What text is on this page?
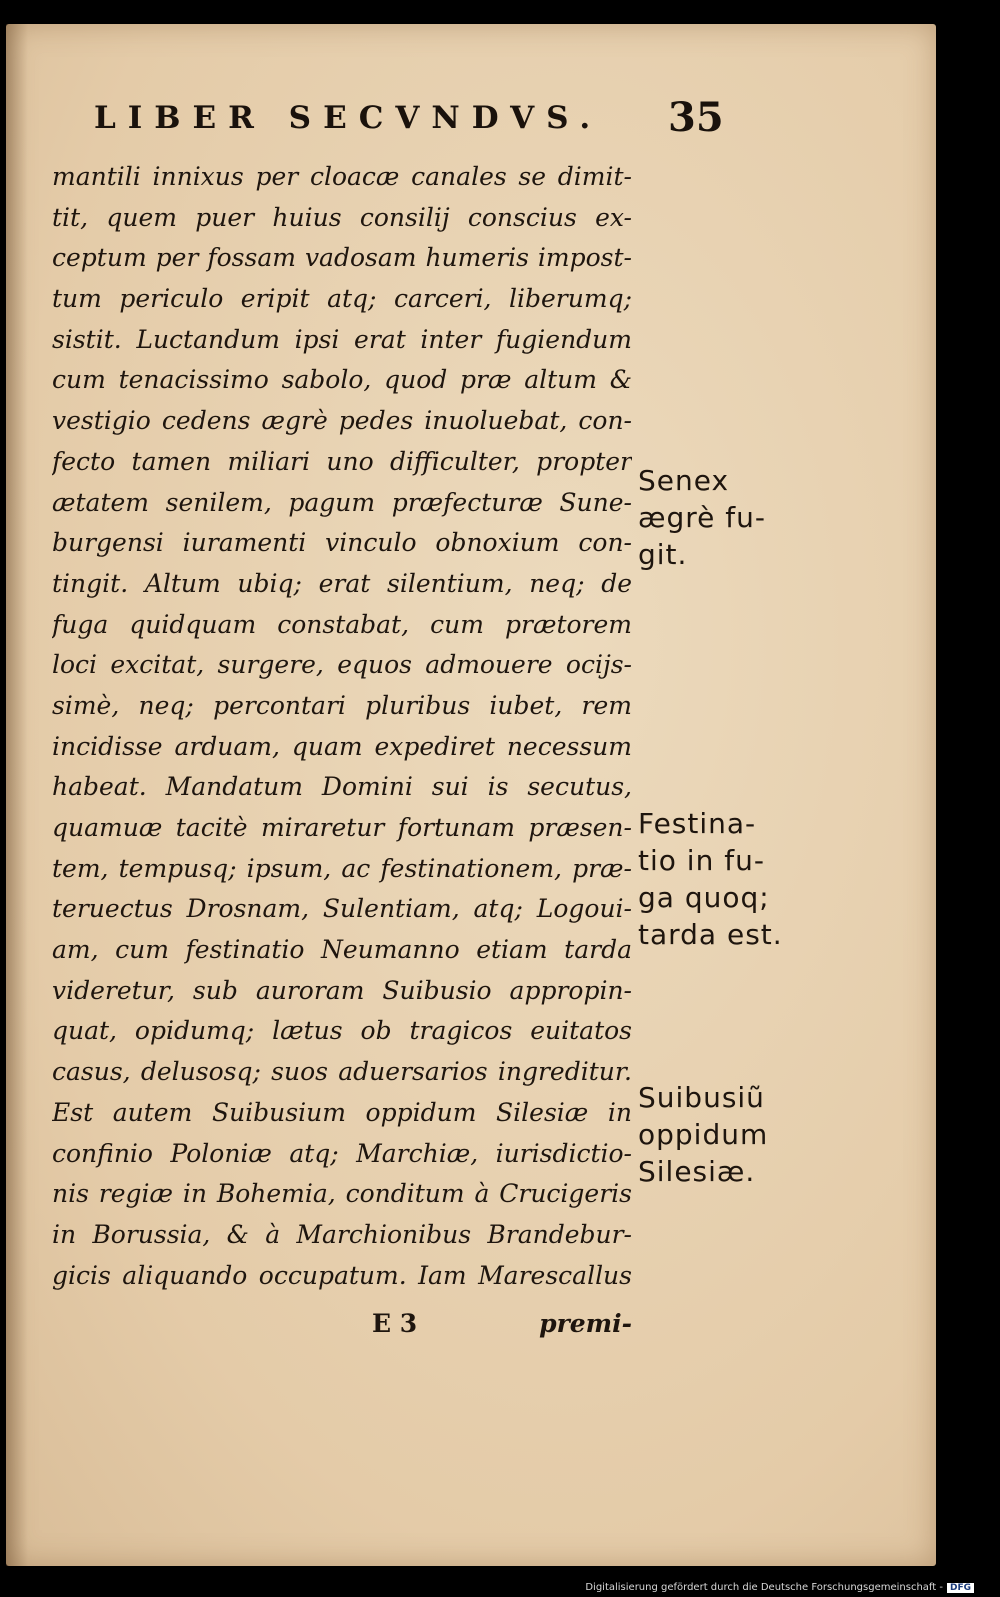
LIBER SECVNDVS. 35
mantili innixus per cloacæ canales se dimit-
tit, quem puer huius consilij conscius ex-
ceptum per fossam vadosam humeris impost-
tum periculo eripit atq; carceri, liberumq;
sistit. Luctandum ipsi erat inter fugiendum
cum tenacissimo sabolo, quod præ altum &
vestigio cedens ægrè pedes inuoluebat, con-
fecto tamen miliari uno difficulter, propter
ætatem senilem, pagum præfecturæ Sune-
burgensi iuramenti vinculo obnoxium con-
tingit. Altum ubiq; erat silentium, neq; de
fuga quidquam constabat, cum prætorem
loci excitat, surgere, equos admouere ocijs-
simè, neq; percontari pluribus iubet, rem
incidisse arduam, quam expediret necessum
habeat. Mandatum Domini sui is secutus,
quamuæ tacitè miraretur fortunam præsen-
tem, tempusq; ipsum, ac festinationem, præ-
teruectus Drosnam, Sulentiam, atq; Logoui-
am, cum festinatio Neumanno etiam tarda
videretur, sub auroram Suibusio appropin-
quat, opidumq; lætus ob tragicos euitatos
casus, delusosq; suos aduersarios ingreditur.
Est autem Suibusium oppidum Silesiæ in
confinio Poloniæ atq; Marchiæ, iurisdictio-
nis regiæ in Bohemia, conditum à Crucigeris
in Borussia, & à Marchionibus Brandebur-
gicis aliquando occupatum. Iam Marescallus
E 3	premi-
Senex
ægrè fu-
git.
Festina-
tio in fu-
ga quoq;
tarda est.
Suibusiũ
oppidum
Silesiæ.
Digitalisierung gefördert durch die Deutsche Forschungsgemeinschaft - DFG
